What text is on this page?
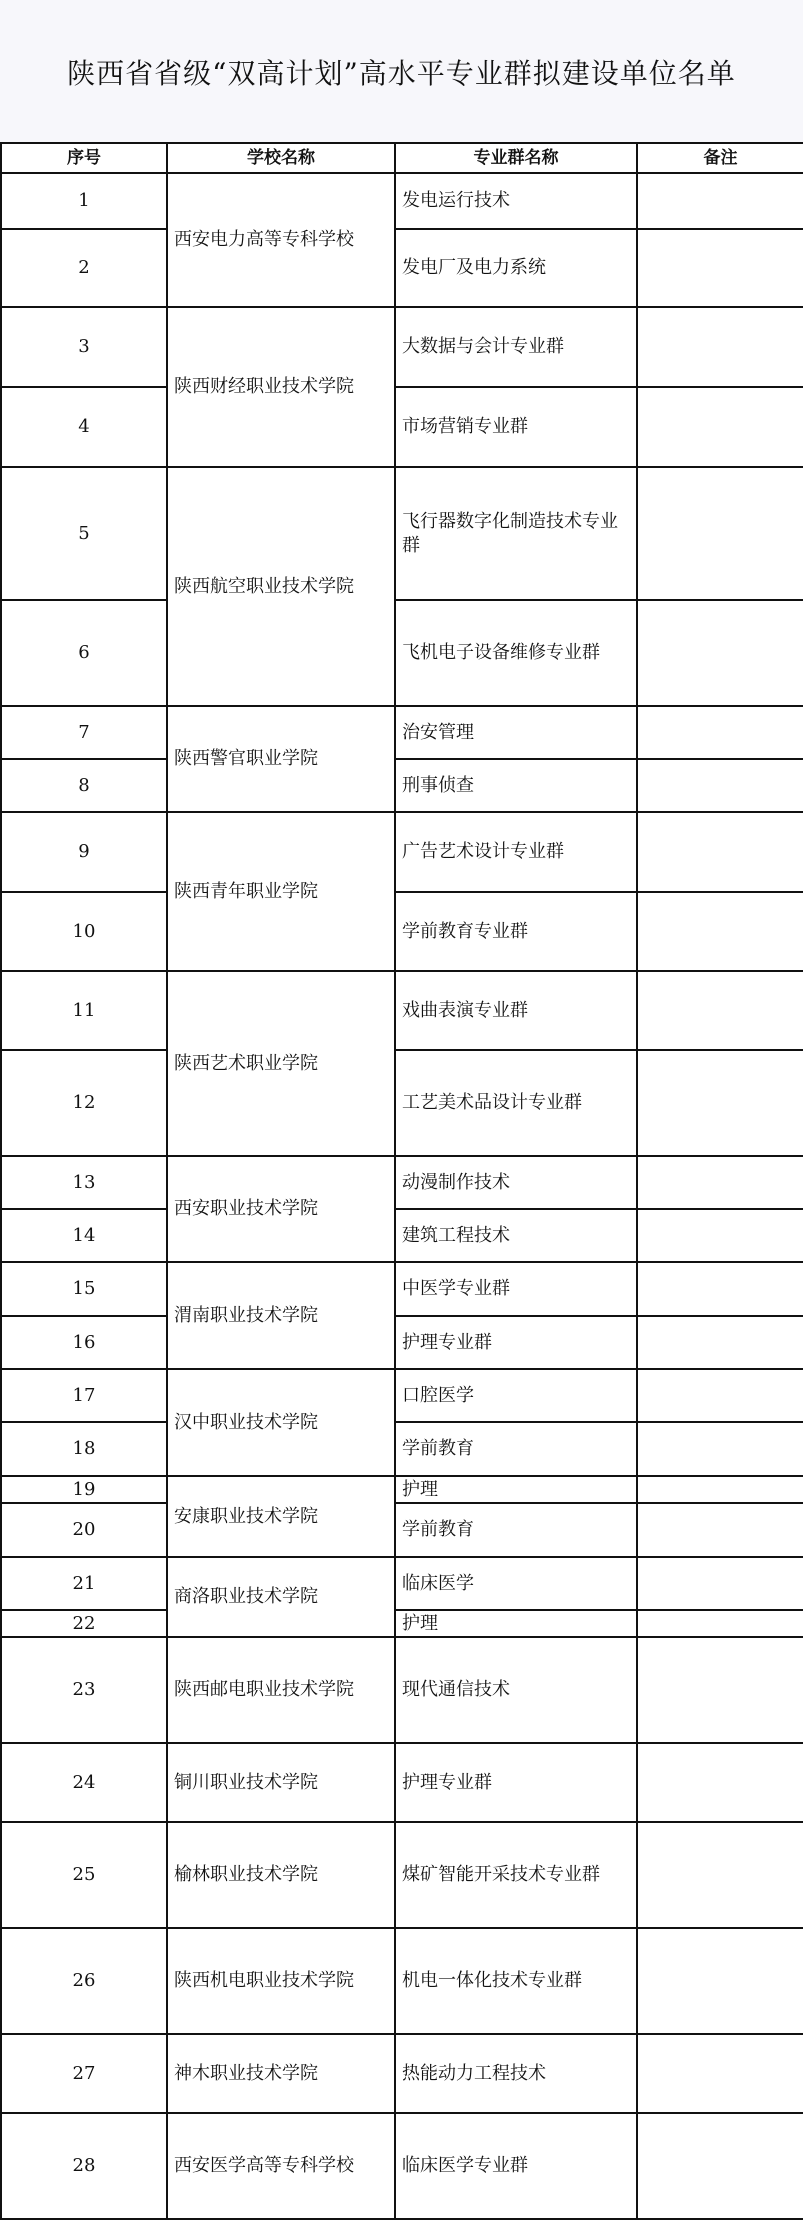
陕西省省级“双高计划”高水平专业群拟建设单位名单
序号	学校名称	专业群名称	备注
1	西安电力高等专科学校	发电运行技术	
2		发电厂及电力系统	
3	陕西财经职业技术学院	大数据与会计专业群	
4		市场营销专业群	
5	陕西航空职业技术学院	飞行器数字化制造技术专业群	
6		飞机电子设备维修专业群	
7	陕西警官职业学院	治安管理	
8		刑事侦查	
9	陕西青年职业学院	广告艺术设计专业群	
10		学前教育专业群	
11	陕西艺术职业学院	戏曲表演专业群	
12		工艺美术品设计专业群	
13	西安职业技术学院	动漫制作技术	
14		建筑工程技术	
15	渭南职业技术学院	中医学专业群	
16		护理专业群	
17	汉中职业技术学院	口腔医学	
18		学前教育	
19	安康职业技术学院	护理	
20		学前教育	
21	商洛职业技术学院	临床医学	
22		护理	
23	陕西邮电职业技术学院	现代通信技术	
24	铜川职业技术学院	护理专业群	
25	榆林职业技术学院	煤矿智能开采技术专业群	
26	陕西机电职业技术学院	机电一体化技术专业群	
27	神木职业技术学院	热能动力工程技术	
28	西安医学高等专科学校	临床医学专业群	
